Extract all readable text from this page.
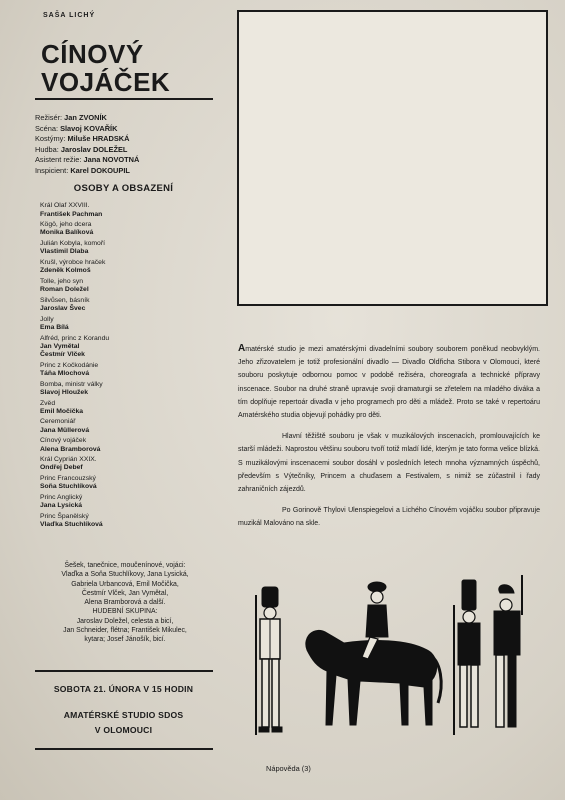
SAŠA LICHÝ
CÍNOVÝ
VOJÁČEK
Režisér: Jan ZVONÍK
Scéna: Slavoj KOVAŘÍK
Kostýmy: Miluše HRADSKÁ
Hudba: Jaroslav DOLEŽEL
Asistent režie: Jana NOVOTNÁ
Inspicient: Karel DOKOUPIL
OSOBY A OBSAZENÍ
Král Olaf XXVIII.
František Pachman
Kögö, jeho dcera
Monika Balíková
Julián Kobyla, komoří
Vlastimil Dlaba
Krušl, výrobce hraček
Zdeněk Kolmoš
Tolle, jeho syn
Roman Doležel
Silvůsen, básník
Jaroslav Švec
Jolly
Ema Bílá
Alfréd, princ z Korandu
Jan Vymětal
Čestmír Vlček
Princ z Kočkodánie
Táňa Mlochová
Bomba, ministr války
Slavoj Hloužek
Zvěd
Emil Močička
Ceremoniář
Jana Müllerová
Cínový vojáček
Alena Bramborová
Král Cyprián XXIX.
Ondřej Debef
Princ Francouzský
Soňa Stuchlíková
Princ Anglický
Jana Lysická
Princ Španělský
Vlaďka Stuchlíková
Šešek, tanečnice, moučenínové, vojáci:
Vlaďka a Soňa Stuchlíkovy, Jana Lysická,
Gabriela Urbancová, Emil Močička,
Čestmír Vlček, Jan Vymětal,
Alena Bramborová a další.
HUDEBNÍ SKUPINA:
Jaroslav Doležel, celesta a bicí,
Jan Schneider, flétna; František Mikulec,
kytara; Josef Jánošík, bicí.
SOBOTA 21. ÚNORA V 15 HODIN
AMATÉRSKÉ STUDIO SDOS
V OLOMOUCI

Amatérské studio je mezi amatérskými divadelními soubory souborem poněkud neobvyklým. Jeho zřizovatelem je totiž profesionální divadlo — Divadlo Oldřicha Stibora v Olomouci, které souboru poskytuje odbornou pomoc v podobě režiséra, choreografa a technické přípravy inscenace. Soubor na druhé straně upravuje svoji dramaturgii se zřetelem na mladého diváka a tím doplňuje repertoár divadla v jeho programech pro děti a mládež. Proto se také v repertoáru Amatérského studia objevují pohádky pro děti.

Hlavní těžiště souboru je však v muzikálových inscenacích, promlouvajících ke starší mládeži. Naprostou většinu souboru tvoří totiž mladí lidé, kterým je tato forma velice blízká. S muzikálovými inscenacemi soubor dosáhl v posledních letech mnoha významných úspěchů, především s Výtečníky, Princem a chuďasem a Festivalem, s nimiž se zúčastnil i řady zahraničních zájezdů.

Po Gorinově Thylovi Ulenspiegelovi a Lichého Cínovém vojáčku soubor připravuje muzikál Malováno na skle.

Nápověda (3)
